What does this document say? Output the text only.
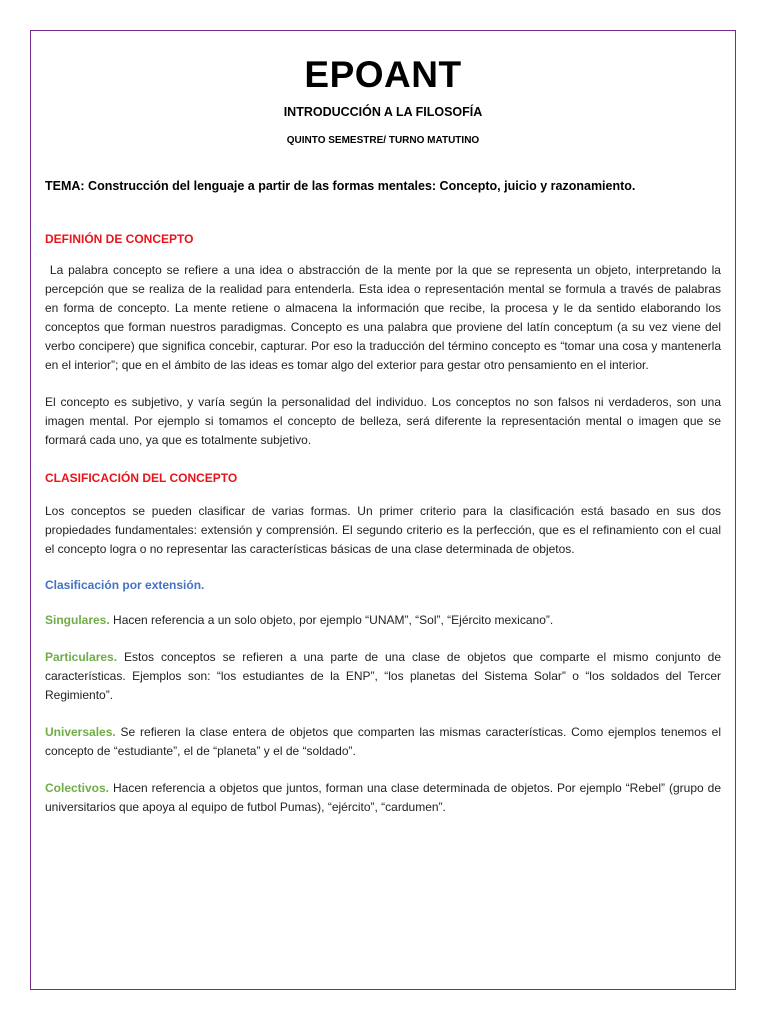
EPOANT
INTRODUCCIÓN A LA FILOSOFÍA
QUINTO SEMESTRE/ TURNO MATUTINO
TEMA: Construcción del lenguaje a partir de las formas mentales: Concepto, juicio y razonamiento.
DEFINIÓN DE CONCEPTO

La palabra concepto se refiere a una idea o abstracción de la mente por la que se representa un objeto, interpretando la percepción que se realiza de la realidad para entenderla. Esta idea o representación mental se formula a través de palabras en forma de concepto. La mente retiene o almacena la información que recibe, la procesa y le da sentido elaborando los conceptos que forman nuestros paradigmas. Concepto es una palabra que proviene del latín conceptum (a su vez viene del verbo concipere) que significa concebir, capturar. Por eso la traducción del término concepto es “tomar una cosa y mantenerla en el interior”; que en el ámbito de las ideas es tomar algo del exterior para gestar otro pensamiento en el interior.

El concepto es subjetivo, y varía según la personalidad del individuo. Los conceptos no son falsos ni verdaderos, son una imagen mental. Por ejemplo si tomamos el concepto de belleza, será diferente la representación mental o imagen que se formará cada uno, ya que es totalmente subjetivo.

CLASIFICACIÓN DEL CONCEPTO

Los conceptos se pueden clasificar de varias formas. Un primer criterio para la clasificación está basado en sus dos propiedades fundamentales: extensión y comprensión. El segundo criterio es la perfección, que es el refinamiento con el cual el concepto logra o no representar las características básicas de una clase determinada de objetos.

Clasificación por extensión.
Singulares. Hacen referencia a un solo objeto, por ejemplo “UNAM”, “Sol”, “Ejército mexicano”.
Particulares. Estos conceptos se refieren a una parte de una clase de objetos que comparte el mismo conjunto de características. Ejemplos son: “los estudiantes de la ENP”, “los planetas del Sistema Solar” o “los soldados del Tercer Regimiento”.
Universales. Se refieren la clase entera de objetos que comparten las mismas características. Como ejemplos tenemos el concepto de “estudiante”, el de “planeta” y el de “soldado”.
Colectivos. Hacen referencia a objetos que juntos, forman una clase determinada de objetos. Por ejemplo “Rebel” (grupo de universitarios que apoya al equipo de futbol Pumas), “ejército”, “cardumen”.
